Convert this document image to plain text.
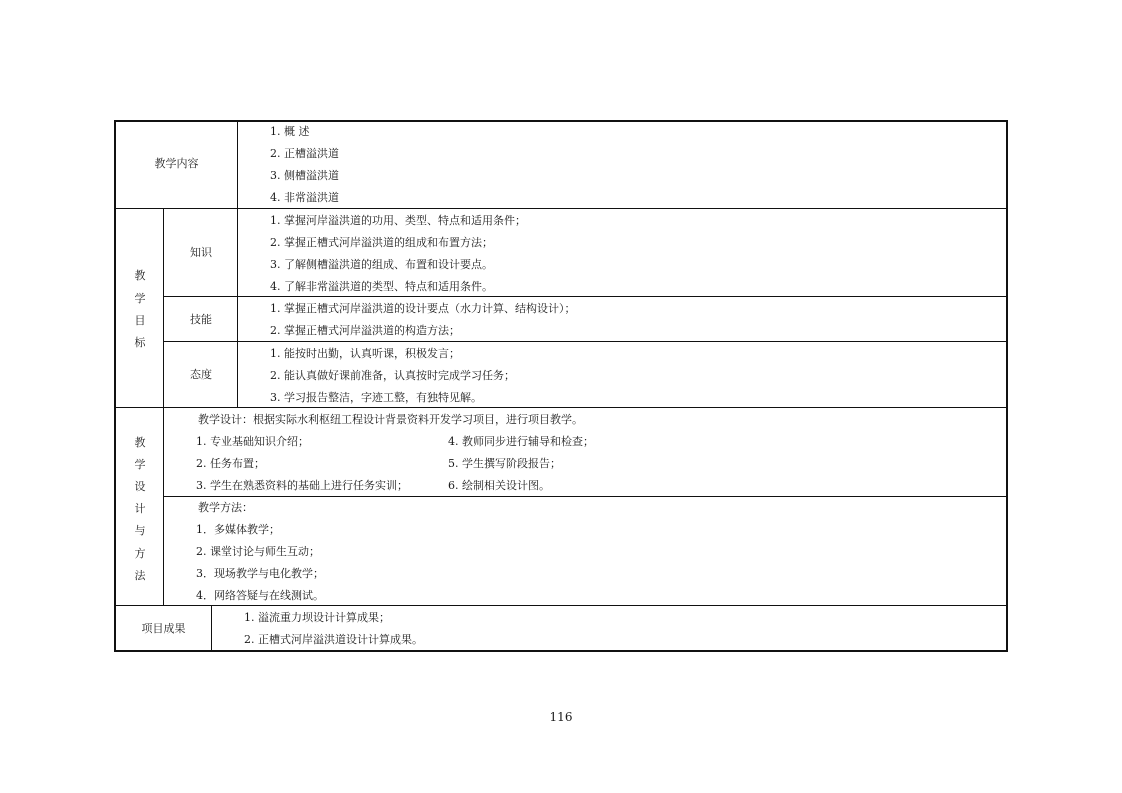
教学内容
1. 概 述
2. 正槽溢洪道
3. 侧槽溢洪道
4. 非常溢洪道
教
学
目
标
知识
1. 掌握河岸溢洪道的功用、类型、特点和适用条件；
2. 掌握正槽式河岸溢洪道的组成和布置方法；
3. 了解侧槽溢洪道的组成、布置和设计要点。
4. 了解非常溢洪道的类型、特点和适用条件。
技能
1. 掌握正槽式河岸溢洪道的设计要点（水力计算、结构设计）；
2. 掌握正槽式河岸溢洪道的构造方法；
态度
1. 能按时出勤，认真听课，积极发言；
2. 能认真做好课前准备，认真按时完成学习任务；
3. 学习报告整洁，字迹工整，有独特见解。
教
学
设
计
与
方
法
教学设计：根据实际水利枢纽工程设计背景资料开发学习项目，进行项目教学。
1. 专业基础知识介绍；
2. 任务布置；
3. 学生在熟悉资料的基础上进行任务实训；
4. 教师同步进行辅导和检查；
5. 学生撰写阶段报告；
6. 绘制相关设计图。
教学方法：
1．多媒体教学；
2. 课堂讨论与师生互动；
3．现场教学与电化教学；
4．网络答疑与在线测试。
项目成果
1. 溢流重力坝设计计算成果；
2. 正槽式河岸溢洪道设计计算成果。
116
